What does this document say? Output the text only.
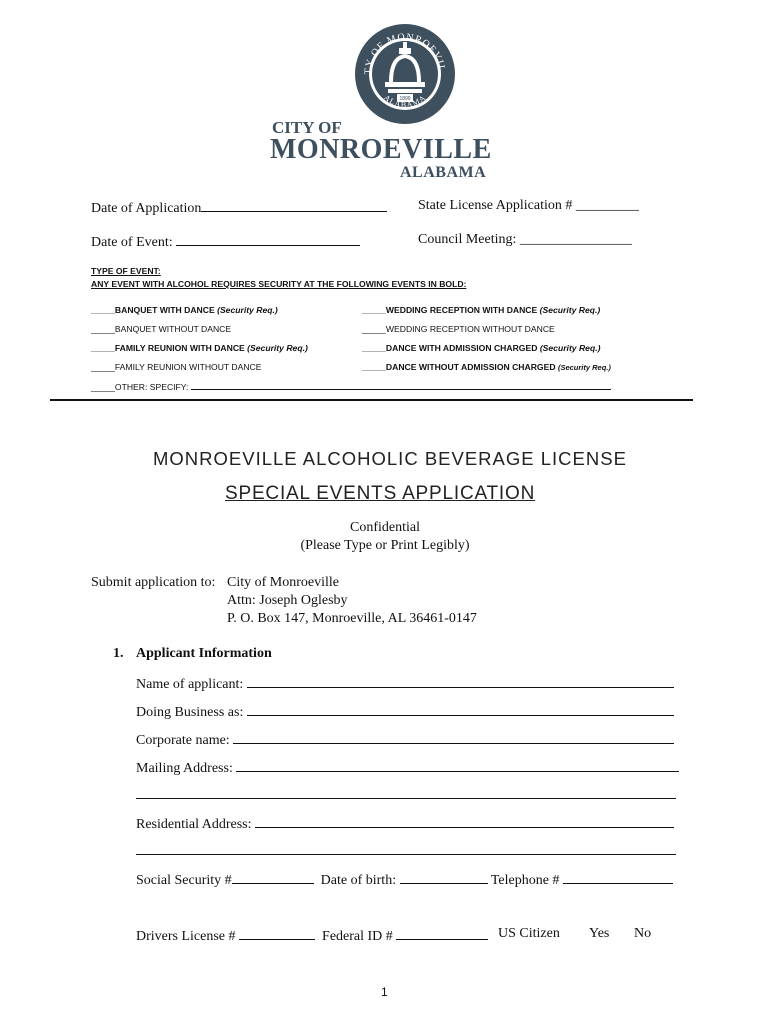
1899
TY OF MONROEVIL
ALABAMA
CITY OF
MONROEVILLE
ALABAMA
Date of Application	State License Application # _________
Date of Event:	Council Meeting: ________________
TYPE OF EVENT:
ANY EVENT WITH ALCOHOL REQUIRES SECURITY AT THE FOLLOWING EVENTS IN BOLD:
_____BANQUET WITH DANCE (Security Req.)
_____BANQUET WITHOUT DANCE
_____FAMILY REUNION WITH DANCE (Security Req.)
_____FAMILY REUNION WITHOUT DANCE
_____WEDDING RECEPTION WITH DANCE (Security Req.)
_____WEDDING RECEPTION WITHOUT DANCE
_____DANCE WITH ADMISSION CHARGED (Security Req.)
_____DANCE WITHOUT ADMISSION CHARGED (Security Req.)
_____OTHER: SPECIFY:
MONROEVILLE ALCOHOLIC BEVERAGE LICENSE
SPECIAL EVENTS APPLICATION
Confidential
(Please Type or Print Legibly)
Submit application to: City of Monroeville
Attn: Joseph Oglesby
P. O. Box 147, Monroeville, AL 36461-0147
1. Applicant Information
Name of applicant:
Doing Business as:
Corporate name:
Mailing Address:
Residential Address:
Social Security #	Date of birth:	Telephone #
Drivers License #	Federal ID #	US Citizen Yes No
1
